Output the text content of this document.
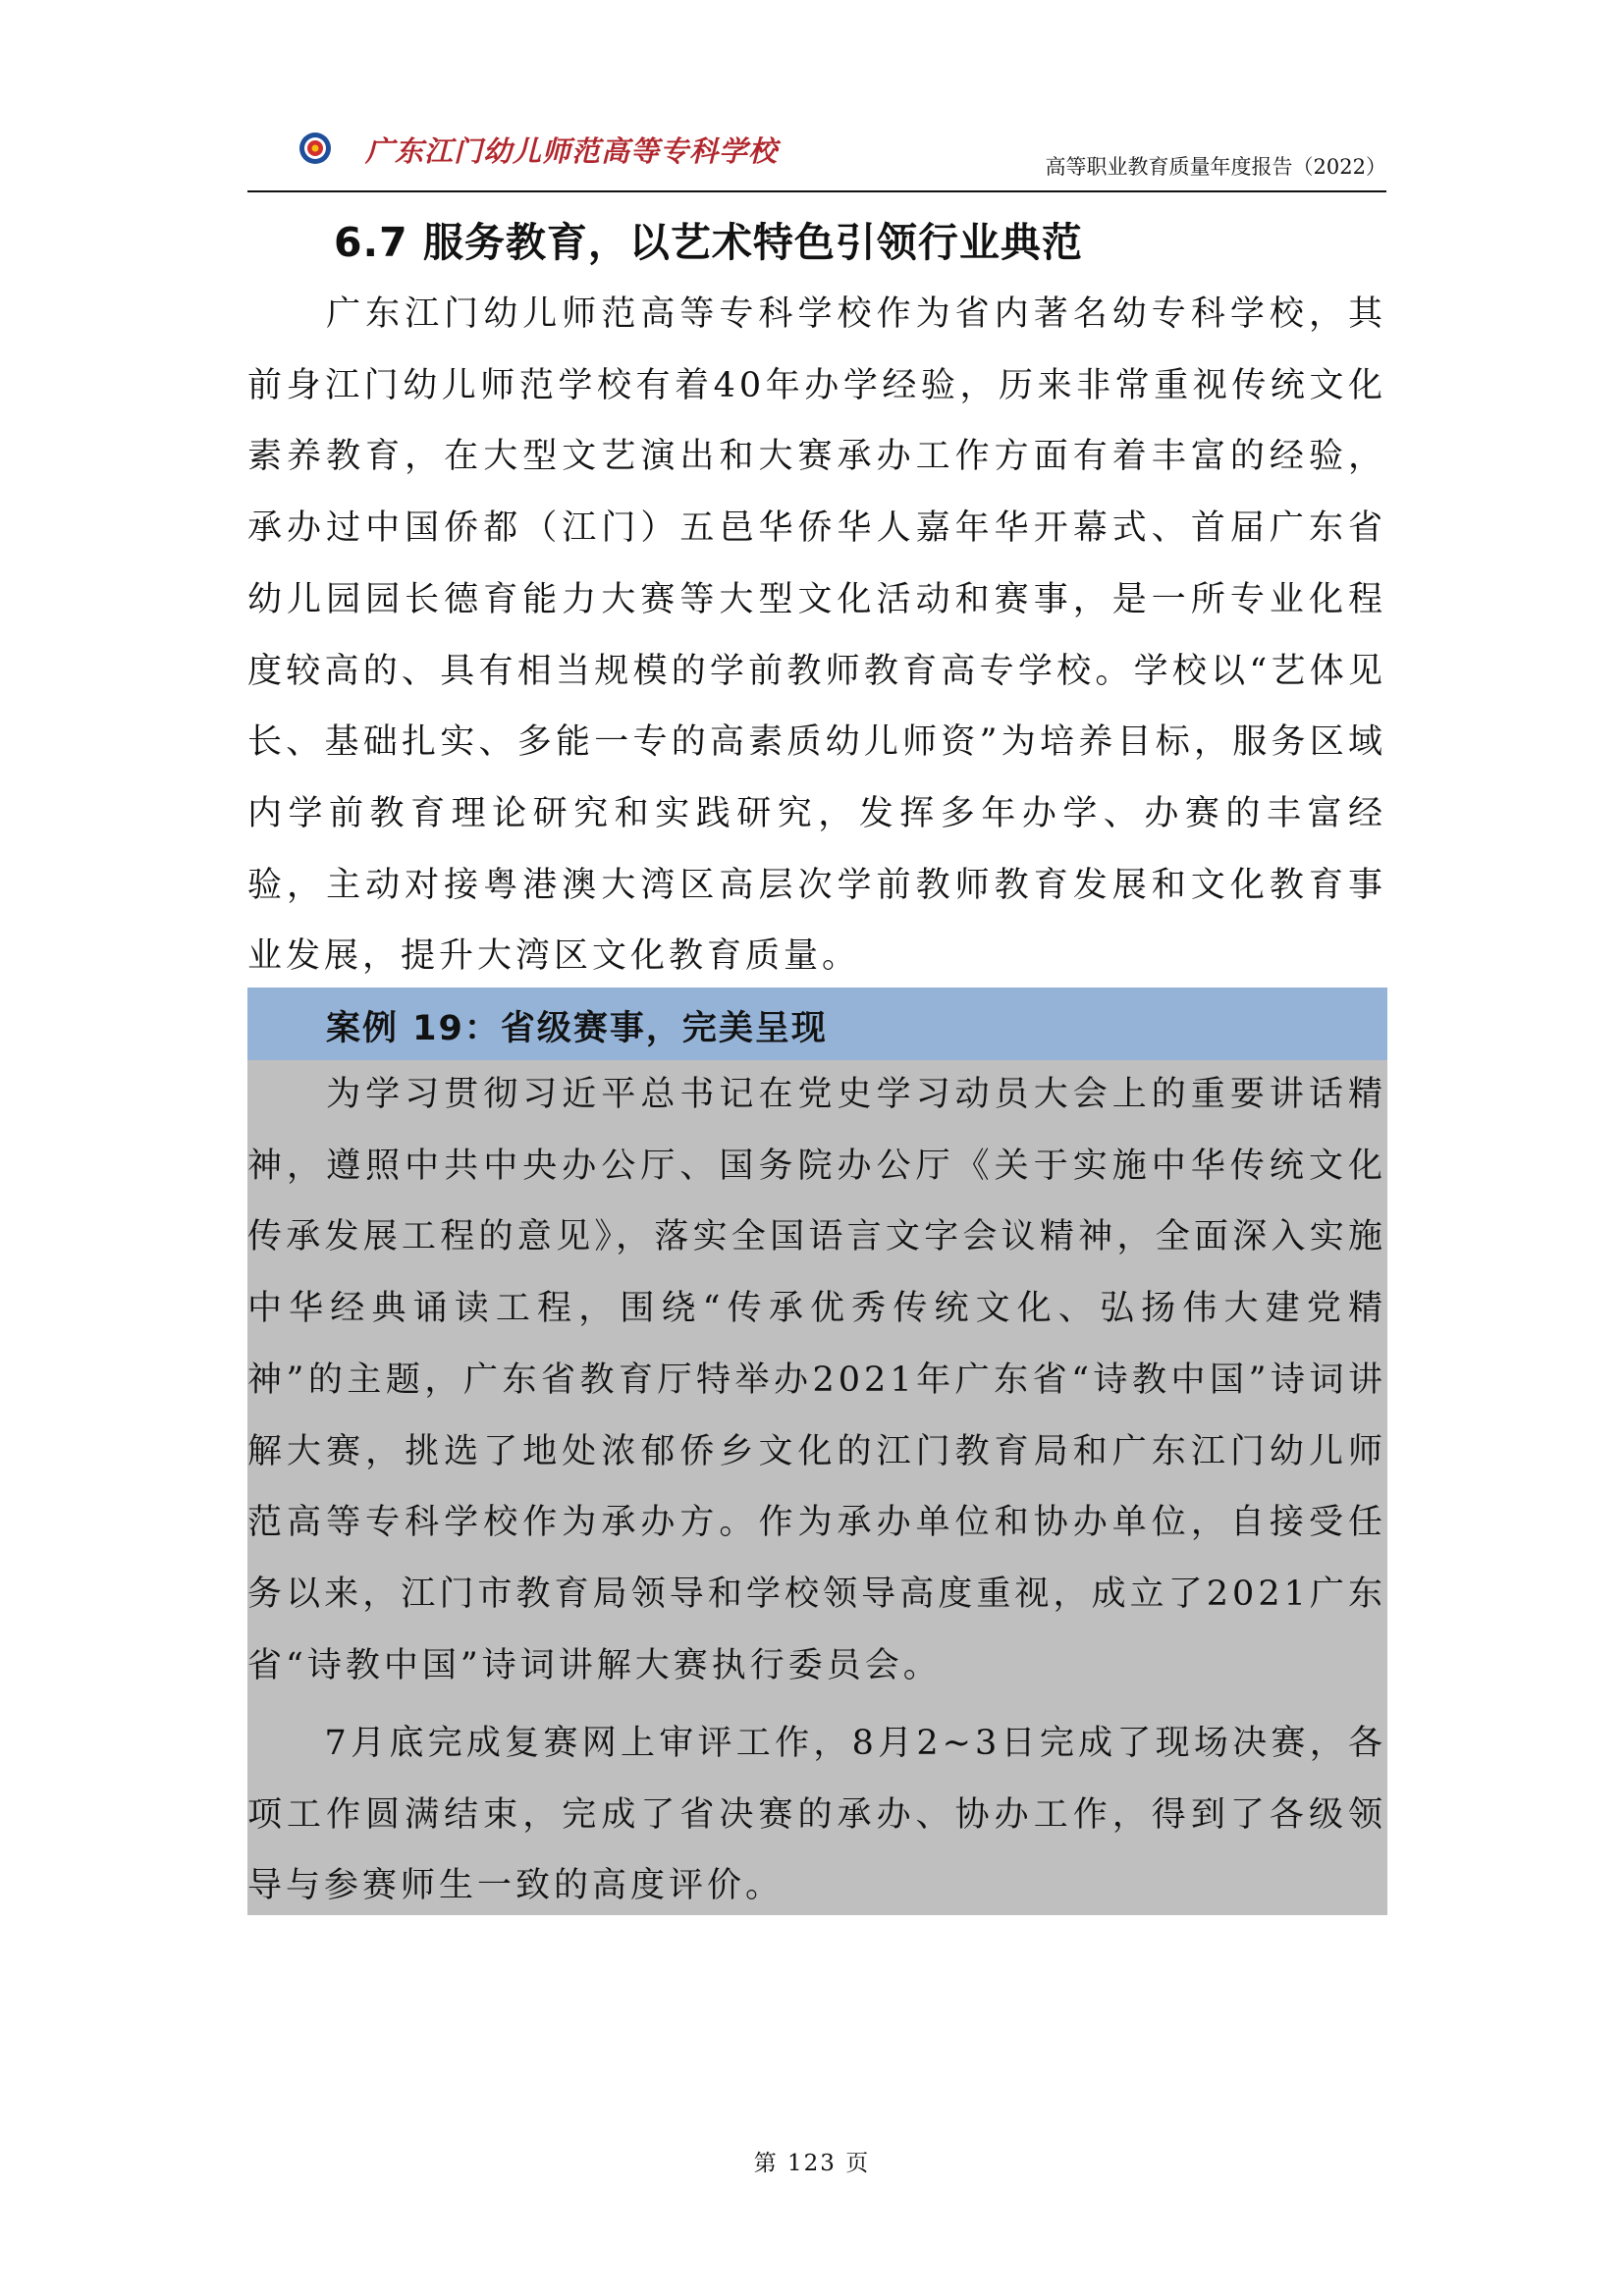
广东江门幼儿师范高等专科学校	高等职业教育质量年度报告（2022）
6.7 服务教育，以艺术特色引领行业典范
　　广东江门幼儿师范高等专科学校作为省内著名幼专科学校，其前身江门幼儿师范学校有着40年办学经验，历来非常重视传统文化素养教育，在大型文艺演出和大赛承办工作方面有着丰富的经验，承办过中国侨都（江门）五邑华侨华人嘉年华开幕式、首届广东省幼儿园园长德育能力大赛等大型文化活动和赛事，是一所专业化程度较高的、具有相当规模的学前教师教育高专学校。学校以“艺体见长、基础扎实、多能一专的高素质幼儿师资”为培养目标，服务区域内学前教育理论研究和实践研究，发挥多年办学、办赛的丰富经验，主动对接粤港澳大湾区高层次学前教师教育发展和文化教育事业发展，提升大湾区文化教育质量。
案例 19：省级赛事，完美呈现
　　为学习贯彻习近平总书记在党史学习动员大会上的重要讲话精神，遵照中共中央办公厅、国务院办公厅《关于实施中华传统文化传承发展工程的意见》，落实全国语言文字会议精神，全面深入实施中华经典诵读工程，围绕“传承优秀传统文化、弘扬伟大建党精神”的主题，广东省教育厅特举办2021年广东省“诗教中国”诗词讲解大赛，挑选了地处浓郁侨乡文化的江门教育局和广东江门幼儿师范高等专科学校作为承办方。作为承办单位和协办单位，自接受任务以来，江门市教育局领导和学校领导高度重视，成立了2021广东省“诗教中国”诗词讲解大赛执行委员会。
　　7月底完成复赛网上审评工作，8月2~3日完成了现场决赛，各项工作圆满结束，完成了省决赛的承办、协办工作，得到了各级领导与参赛师生一致的高度评价。
第 123 页
